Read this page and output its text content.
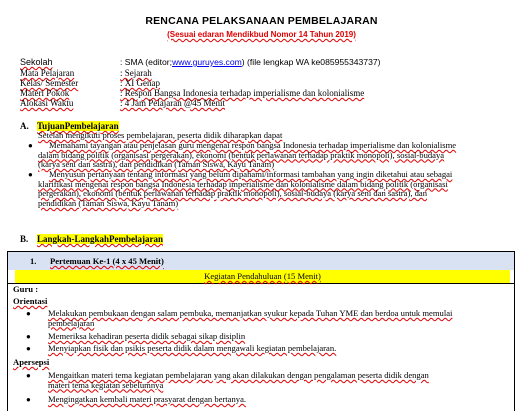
RENCANA PELAKSANAAN PEMBELAJARAN
(Sesuai edaran Mendikbud Nomor 14 Tahun 2019)
Sekolah	: SMA (editor;www.guruyes.com) (file lengkap WA ke085955343737)
Mata Pelajaran	: Sejarah
Kelas/ Semester	: XI Genap
Materi Pokok	: Respon Bangsa Indonesia terhadap imperialisme dan kolonialisme
Alokasi Waktu	: 4 Jam Pelajaran @45 Menit
A. TujuanPembelajaran
Setelah mengikuti proses pembelajaran, peserta didik diharapkan dapat
●	Memahami tayangan atau penjelasan guru mengenai respon bangsa Indonesia terhadap imperialisme dan kolonialisme
dalam bidang politik (organisasi pergerakan), ekonomi (bentuk perlawanan terhadap praktik monopoli), sosial-budaya
(karya seni dan sastra), dan pendidikan (Taman Siswa, Kayu Tanam)
●	Menyusun pertanyaan tentang informasi yang belum dipahami/informasi tambahan yang ingin diketahui atau sebagai
klarifikasi mengenai respon bangsa Indonesia terhadap imperialisme dan kolonialisme dalam bidang politik (organisasi
pergerakan), ekonomi (bentuk perlawanan terhadap praktik monopoli), sosial-budaya (karya seni dan sastra), dan
pendidikan (Taman Siswa, Kayu Tanam)
B. Langkah-LangkahPembelajaran
1. Pertemuan Ke-1 (4 x 45 Menit)
Kegiatan Pendahuluan (15 Menit)
Guru :
Orientasi
●	Melakukan pembukaan dengan salam pembuka, memanjatkan syukur kepada Tuhan YME dan berdoa untuk memulai
pembelajaran
●	Memeriksa kehadiran peserta didik sebagai sikap disiplin
●	Menyiapkan fisik dan psikis peserta didik dalam mengawali kegiatan pembelajaran.
Apersepsi
●	Mengaitkan materi tema kegiatan pembelajaran yang akan dilakukan dengan pengalaman peserta didik dengan
materi tema kegiatan sebelumnya
●	Mengingatkan kembali materi prasyarat dengan bertanya.
